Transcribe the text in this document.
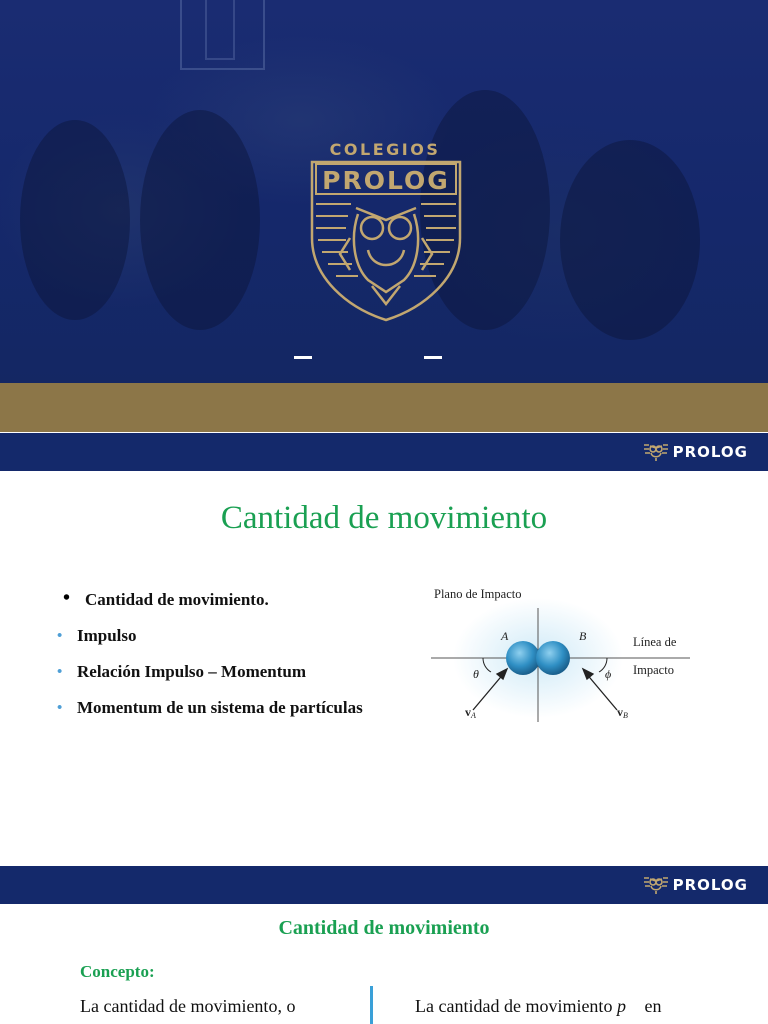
COLEGIOS
PROLOG
PROLOG
Cantidad de movimiento
• Cantidad de movimiento.
• Impulso
• Relación Impulso – Momentum
• Momentum de un sistema de partículas
Plano de Impacto
Línea de
Impacto
A	B
θ	ϕ
vA	vB
PROLOG
Cantidad de movimiento
Concepto:
La cantidad de movimiento, o	La cantidad de movimiento p⃗ en
